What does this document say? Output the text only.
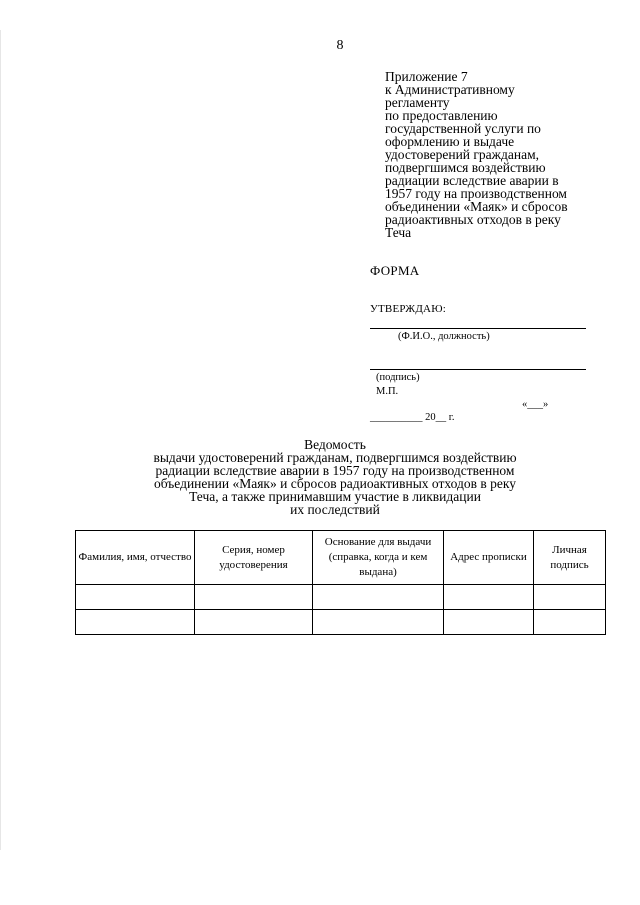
8
Приложение 7
к Административному
регламенту
по предоставлению
государственной услуги по
оформлению и выдаче
удостоверений гражданам,
подвергшимся воздействию
радиации вследствие аварии в
1957 году на производственном
объединении «Маяк» и сбросов
радиоактивных отходов в реку
Теча
ФОРМА
УТВЕРЖДАЮ:
(Ф.И.О., должность)
(подпись)
М.П.
«___»
__________ 20__ г.
Ведомость
выдачи удостоверений гражданам, подвергшимся воздействию
радиации вследствие аварии в 1957 году на производственном
объединении «Маяк» и сбросов радиоактивных отходов в реку
Теча, а также принимавшим участие в ликвидации
их последствий
Фамилия, имя, отчество	Серия, номер удостоверения	Основание для выдачи (справка, когда и кем выдана)	Адрес прописки	Личная подпись
